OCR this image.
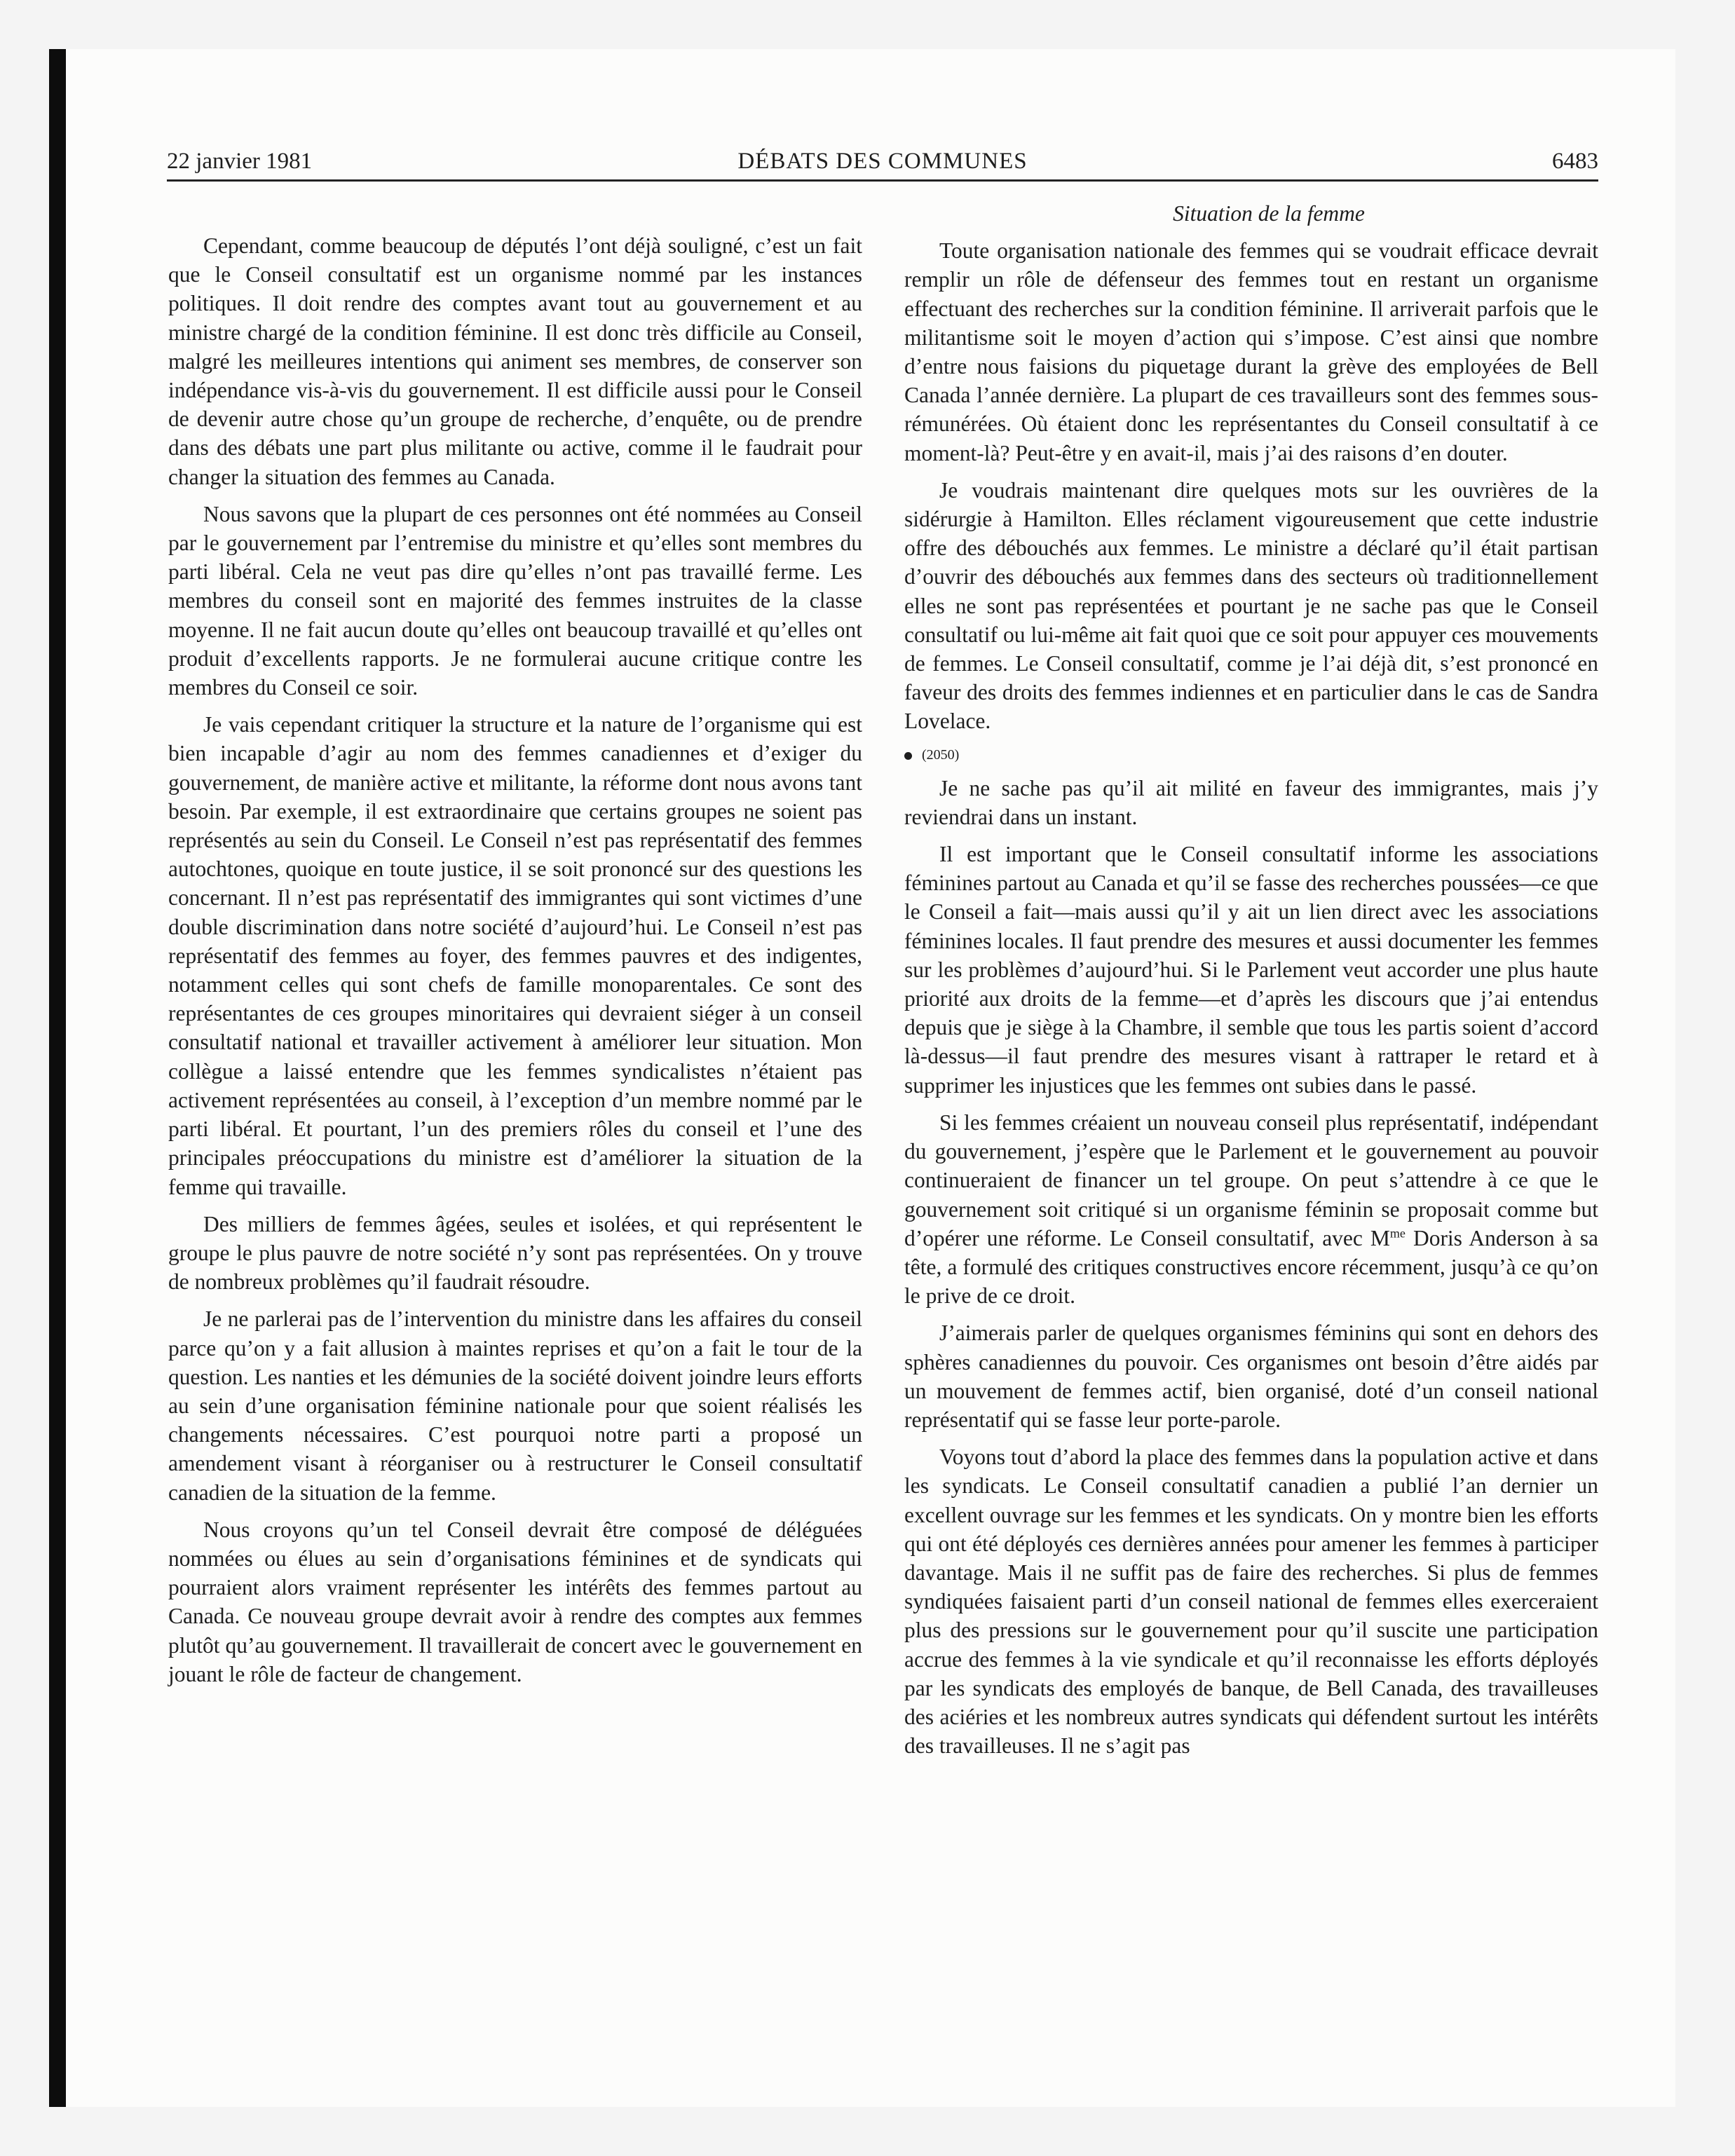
22 janvier 1981	DÉBATS DES COMMUNES	6483

Cependant, comme beaucoup de députés l’ont déjà souligné, c’est un fait que le Conseil consultatif est un organisme nommé par les instances politiques. Il doit rendre des comptes avant tout au gouvernement et au ministre chargé de la condition féminine. Il est donc très difficile au Conseil, malgré les meilleures intentions qui animent ses membres, de conserver son indépendance vis-à-vis du gouvernement. Il est difficile aussi pour le Conseil de devenir autre chose qu’un groupe de recherche, d’enquête, ou de prendre dans des débats une part plus militante ou active, comme il le faudrait pour changer la situation des femmes au Canada.

Nous savons que la plupart de ces personnes ont été nommées au Conseil par le gouvernement par l’entremise du ministre et qu’elles sont membres du parti libéral. Cela ne veut pas dire qu’elles n’ont pas travaillé ferme. Les membres du conseil sont en majorité des femmes instruites de la classe moyenne. Il ne fait aucun doute qu’elles ont beaucoup travaillé et qu’elles ont produit d’excellents rapports. Je ne formulerai aucune critique contre les membres du Conseil ce soir.

Je vais cependant critiquer la structure et la nature de l’organisme qui est bien incapable d’agir au nom des femmes canadiennes et d’exiger du gouvernement, de manière active et militante, la réforme dont nous avons tant besoin. Par exemple, il est extraordinaire que certains groupes ne soient pas représentés au sein du Conseil. Le Conseil n’est pas représentatif des femmes autochtones, quoique en toute justice, il se soit prononcé sur des questions les concernant. Il n’est pas représentatif des immigrantes qui sont victimes d’une double discrimination dans notre société d’aujourd’hui. Le Conseil n’est pas représentatif des femmes au foyer, des femmes pauvres et des indigentes, notamment celles qui sont chefs de famille monoparentales. Ce sont des représentantes de ces groupes minoritaires qui devraient siéger à un conseil consultatif national et travailler activement à améliorer leur situation. Mon collègue a laissé entendre que les femmes syndicalistes n’étaient pas activement représentées au conseil, à l’exception d’un membre nommé par le parti libéral. Et pourtant, l’un des premiers rôles du conseil et l’une des principales préoccupations du ministre est d’améliorer la situation de la femme qui travaille.

Des milliers de femmes âgées, seules et isolées, et qui représentent le groupe le plus pauvre de notre société n’y sont pas représentées. On y trouve de nombreux problèmes qu’il faudrait résoudre.

Je ne parlerai pas de l’intervention du ministre dans les affaires du conseil parce qu’on y a fait allusion à maintes reprises et qu’on a fait le tour de la question. Les nanties et les démunies de la société doivent joindre leurs efforts au sein d’une organisation féminine nationale pour que soient réalisés les changements nécessaires. C’est pourquoi notre parti a proposé un amendement visant à réorganiser ou à restructurer le Conseil consultatif canadien de la situation de la femme.

Nous croyons qu’un tel Conseil devrait être composé de déléguées nommées ou élues au sein d’organisations féminines et de syndicats qui pourraient alors vraiment représenter les intérêts des femmes partout au Canada. Ce nouveau groupe devrait avoir à rendre des comptes aux femmes plutôt qu’au gouvernement. Il travaillerait de concert avec le gouvernement en jouant le rôle de facteur de changement.

Situation de la femme

Toute organisation nationale des femmes qui se voudrait efficace devrait remplir un rôle de défenseur des femmes tout en restant un organisme effectuant des recherches sur la condition féminine. Il arriverait parfois que le militantisme soit le moyen d’action qui s’impose. C’est ainsi que nombre d’entre nous faisions du piquetage durant la grève des employées de Bell Canada l’année dernière. La plupart de ces travailleurs sont des femmes sous-rémunérées. Où étaient donc les représentantes du Conseil consultatif à ce moment-là? Peut-être y en avait-il, mais j’ai des raisons d’en douter.

Je voudrais maintenant dire quelques mots sur les ouvrières de la sidérurgie à Hamilton. Elles réclament vigoureusement que cette industrie offre des débouchés aux femmes. Le ministre a déclaré qu’il était partisan d’ouvrir des débouchés aux femmes dans des secteurs où traditionnellement elles ne sont pas représentées et pourtant je ne sache pas que le Conseil consultatif ou lui-même ait fait quoi que ce soit pour appuyer ces mouvements de femmes. Le Conseil consultatif, comme je l’ai déjà dit, s’est prononcé en faveur des droits des femmes indiennes et en particulier dans le cas de Sandra Lovelace.

(2050)

Je ne sache pas qu’il ait milité en faveur des immigrantes, mais j’y reviendrai dans un instant.

Il est important que le Conseil consultatif informe les associations féminines partout au Canada et qu’il se fasse des recherches poussées—ce que le Conseil a fait—mais aussi qu’il y ait un lien direct avec les associations féminines locales. Il faut prendre des mesures et aussi documenter les femmes sur les problèmes d’aujourd’hui. Si le Parlement veut accorder une plus haute priorité aux droits de la femme—et d’après les discours que j’ai entendus depuis que je siège à la Chambre, il semble que tous les partis soient d’accord là-dessus—il faut prendre des mesures visant à rattraper le retard et à supprimer les injustices que les femmes ont subies dans le passé.

Si les femmes créaient un nouveau conseil plus représentatif, indépendant du gouvernement, j’espère que le Parlement et le gouvernement au pouvoir continueraient de financer un tel groupe. On peut s’attendre à ce que le gouvernement soit critiqué si un organisme féminin se proposait comme but d’opérer une réforme. Le Conseil consultatif, avec $M^{me}$ Doris Anderson à sa tête, a formulé des critiques constructives encore récemment, jusqu’à ce qu’on le prive de ce droit.

J’aimerais parler de quelques organismes féminins qui sont en dehors des sphères canadiennes du pouvoir. Ces organismes ont besoin d’être aidés par un mouvement de femmes actif, bien organisé, doté d’un conseil national représentatif qui se fasse leur porte-parole.

Voyons tout d’abord la place des femmes dans la population active et dans les syndicats. Le Conseil consultatif canadien a publié l’an dernier un excellent ouvrage sur les femmes et les syndicats. On y montre bien les efforts qui ont été déployés ces dernières années pour amener les femmes à participer davantage. Mais il ne suffit pas de faire des recherches. Si plus de femmes syndiquées faisaient parti d’un conseil national de femmes elles exerceraient plus des pressions sur le gouvernement pour qu’il suscite une participation accrue des femmes à la vie syndicale et qu’il reconnaisse les efforts déployés par les syndicats des employés de banque, de Bell Canada, des travailleuses des aciéries et les nombreux autres syndicats qui défendent surtout les intérêts des travailleuses. Il ne s’agit pas
